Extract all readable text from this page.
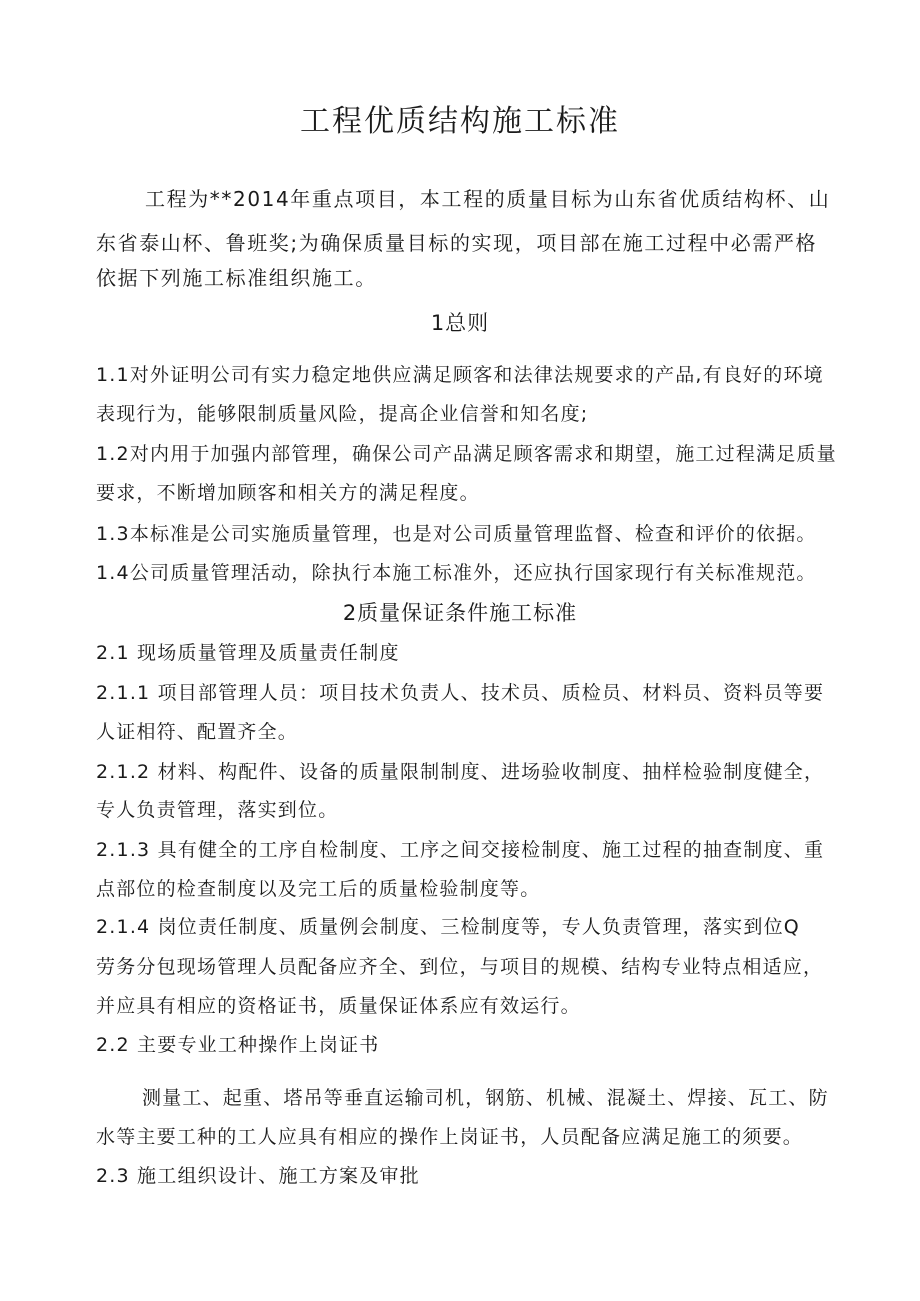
工程优质结构施工标准
工程为**2014年重点项目，本工程的质量目标为山东省优质结构杯、山
东省泰山杯、鲁班奖;为确保质量目标的实现，项目部在施工过程中必需严格
依据下列施工标准组织施工。
1总则
1.1对外证明公司有实力稳定地供应满足顾客和法律法规要求的产品,有良好的环境
表现行为，能够限制质量风险，提高企业信誉和知名度;
1.2对内用于加强内部管理，确保公司产品满足顾客需求和期望，施工过程满足质量
要求，不断增加顾客和相关方的满足程度。
1.3本标准是公司实施质量管理，也是对公司质量管理监督、检查和评价的依据。
1.4公司质量管理活动，除执行本施工标准外，还应执行国家现行有关标准规范。
2质量保证条件施工标准
2.1 现场质量管理及质量责任制度
2.1.1 项目部管理人员：项目技术负责人、技术员、质检员、材料员、资料员等要
人证相符、配置齐全。
2.1.2 材料、构配件、设备的质量限制制度、进场验收制度、抽样检验制度健全，
专人负责管理，落实到位。
2.1.3 具有健全的工序自检制度、工序之间交接检制度、施工过程的抽查制度、重
点部位的检查制度以及完工后的质量检验制度等。
2.1.4 岗位责任制度、质量例会制度、三检制度等，专人负责管理，落实到位Q
劳务分包现场管理人员配备应齐全、到位，与项目的规模、结构专业特点相适应，
并应具有相应的资格证书，质量保证体系应有效运行。
2.2 主要专业工种操作上岗证书
测量工、起重、塔吊等垂直运输司机，钢筋、机械、混凝土、焊接、瓦工、防
水等主要工种的工人应具有相应的操作上岗证书，人员配备应满足施工的须要。
2.3 施工组织设计、施工方案及审批
